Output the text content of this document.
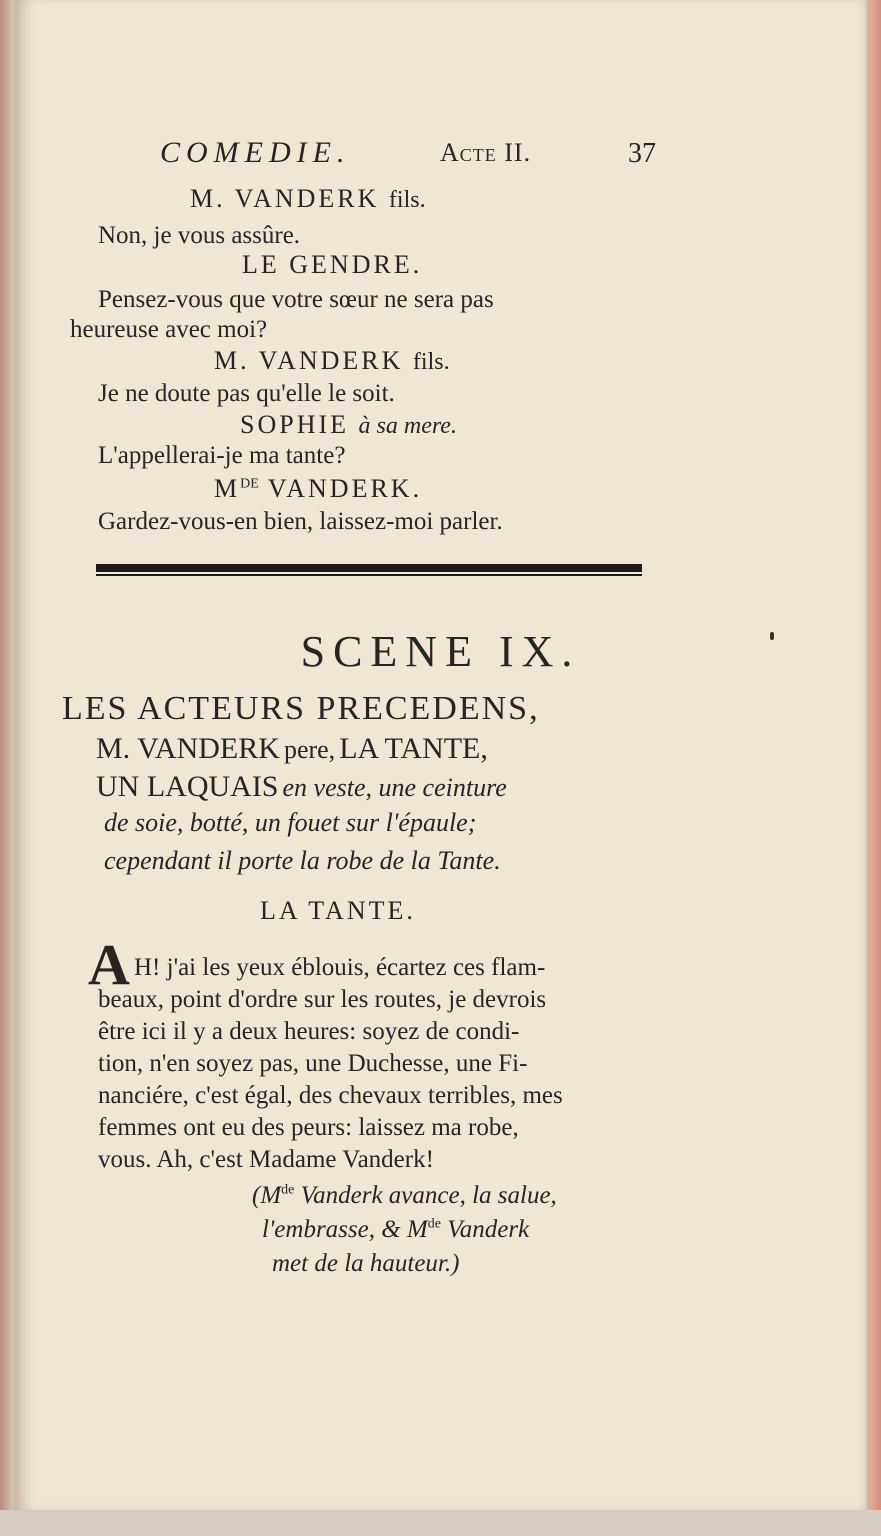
COMEDIE.	Acte II.	37
M. VANDERK fils.
Non, je vous assûre.
LE GENDRE.
Pensez-vous que votre sœur ne sera pas
heureuse avec moi?
M. VANDERK fils.
Je ne doute pas qu'elle le soit.
SOPHIE à sa mere.
L'appellerai-je ma tante?
MDE VANDERK.
Gardez-vous-en bien, laissez-moi parler.
SCENE IX.
LES ACTEURS PRECEDENS,
M. VANDERK pere, LA TANTE,
UN LAQUAIS en veste, une ceinture
de soie, botté, un fouet sur l'épaule;
cependant il porte la robe de la Tante.
LA TANTE.
A H! j'ai les yeux éblouis, écartez ces flam-
beaux, point d'ordre sur les routes, je devrois
être ici il y a deux heures: soyez de condi-
tion, n'en soyez pas, une Duchesse, une Fi-
nanciére, c'est égal, des chevaux terribles, mes
femmes ont eu des peurs: laissez ma robe,
vous. Ah, c'est Madame Vanderk!
(Mde Vanderk avance, la salue,
l'embrasse, & Mde Vanderk
met de la hauteur.)
